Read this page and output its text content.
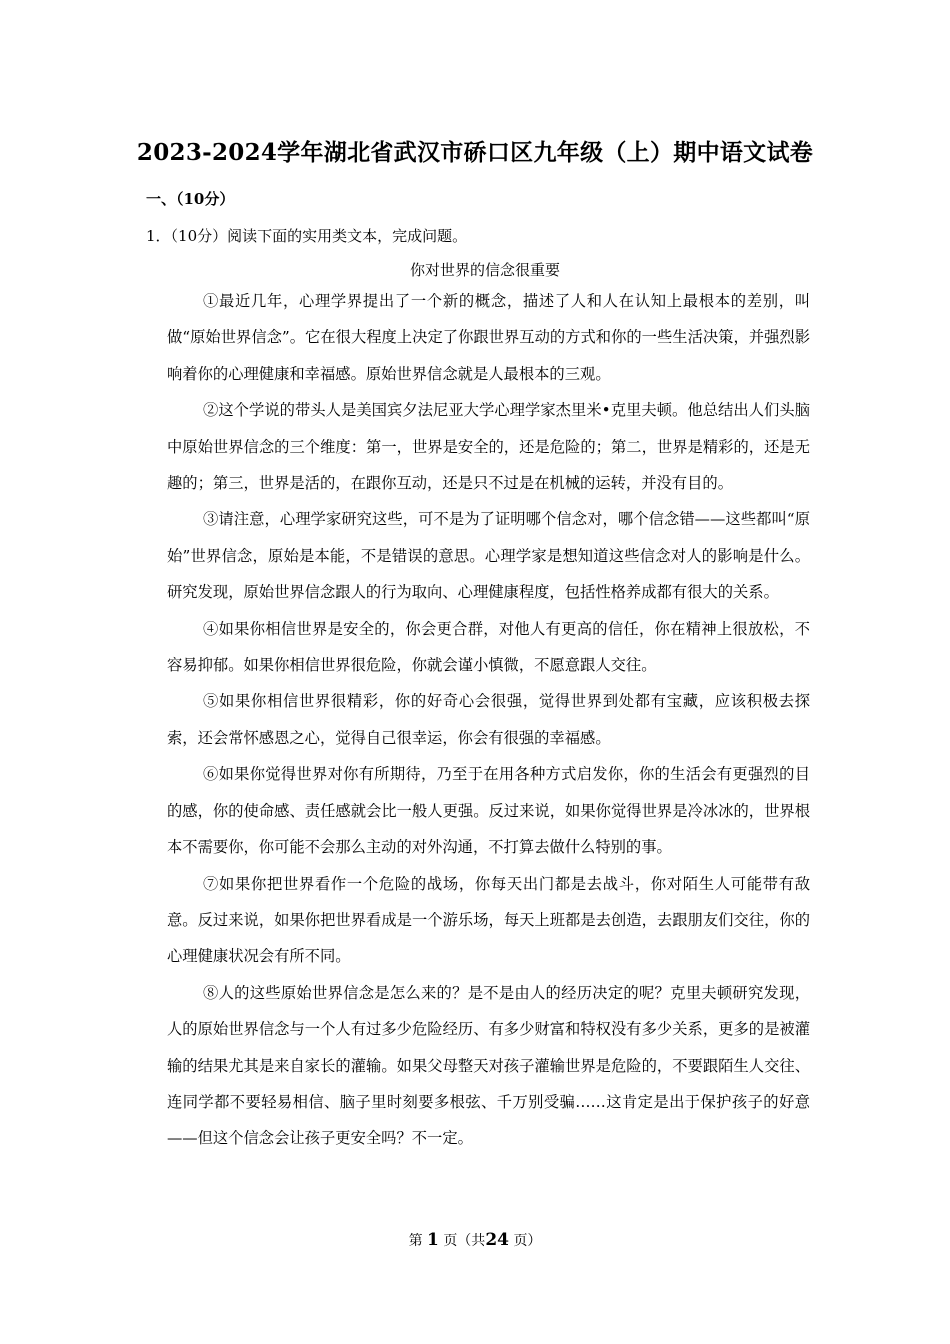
2023-2024学年湖北省武汉市硚口区九年级（上）期中语文试卷
一、（10分）
1．（10分）阅读下面的实用类文本，完成问题。
你对世界的信念很重要

①最近几年，心理学界提出了一个新的概念，描述了人和人在认知上最根本的差别，叫做“原始世界信念”。它在很大程度上决定了你跟世界互动的方式和你的一些生活决策，并强烈影响着你的心理健康和幸福感。原始世界信念就是人最根本的三观。

②这个学说的带头人是美国宾夕法尼亚大学心理学家杰里米•克里夫顿。他总结出人们头脑中原始世界信念的三个维度：第一，世界是安全的，还是危险的；第二，世界是精彩的，还是无趣的；第三，世界是活的，在跟你互动，还是只不过是在机械的运转，并没有目的。

③请注意，心理学家研究这些，可不是为了证明哪个信念对，哪个信念错——这些都叫“原始”世界信念，原始是本能，不是错误的意思。心理学家是想知道这些信念对人的影响是什么。研究发现，原始世界信念跟人的行为取向、心理健康程度，包括性格养成都有很大的关系。

④如果你相信世界是安全的，你会更合群，对他人有更高的信任，你在精神上很放松，不容易抑郁。如果你相信世界很危险，你就会谨小慎微，不愿意跟人交往。

⑤如果你相信世界很精彩，你的好奇心会很强，觉得世界到处都有宝藏，应该积极去探索，还会常怀感恩之心，觉得自己很幸运，你会有很强的幸福感。

⑥如果你觉得世界对你有所期待，乃至于在用各种方式启发你，你的生活会有更强烈的目的感，你的使命感、责任感就会比一般人更强。反过来说，如果你觉得世界是冷冰冰的，世界根本不需要你，你可能不会那么主动的对外沟通，不打算去做什么特别的事。

⑦如果你把世界看作一个危险的战场，你每天出门都是去战斗，你对陌生人可能带有敌意。反过来说，如果你把世界看成是一个游乐场，每天上班都是去创造，去跟朋友们交往，你的心理健康状况会有所不同。

⑧人的这些原始世界信念是怎么来的？是不是由人的经历决定的呢？克里夫顿研究发现，人的原始世界信念与一个人有过多少危险经历、有多少财富和特权没有多少关系，更多的是被灌输的结果尤其是来自家长的灌输。如果父母整天对孩子灌输世界是危险的，不要跟陌生人交往、连同学都不要轻易相信、脑子里时刻要多根弦、千万别受骗……这肯定是出于保护孩子的好意——但这个信念会让孩子更安全吗？不一定。

第 1 页（共24 页）
